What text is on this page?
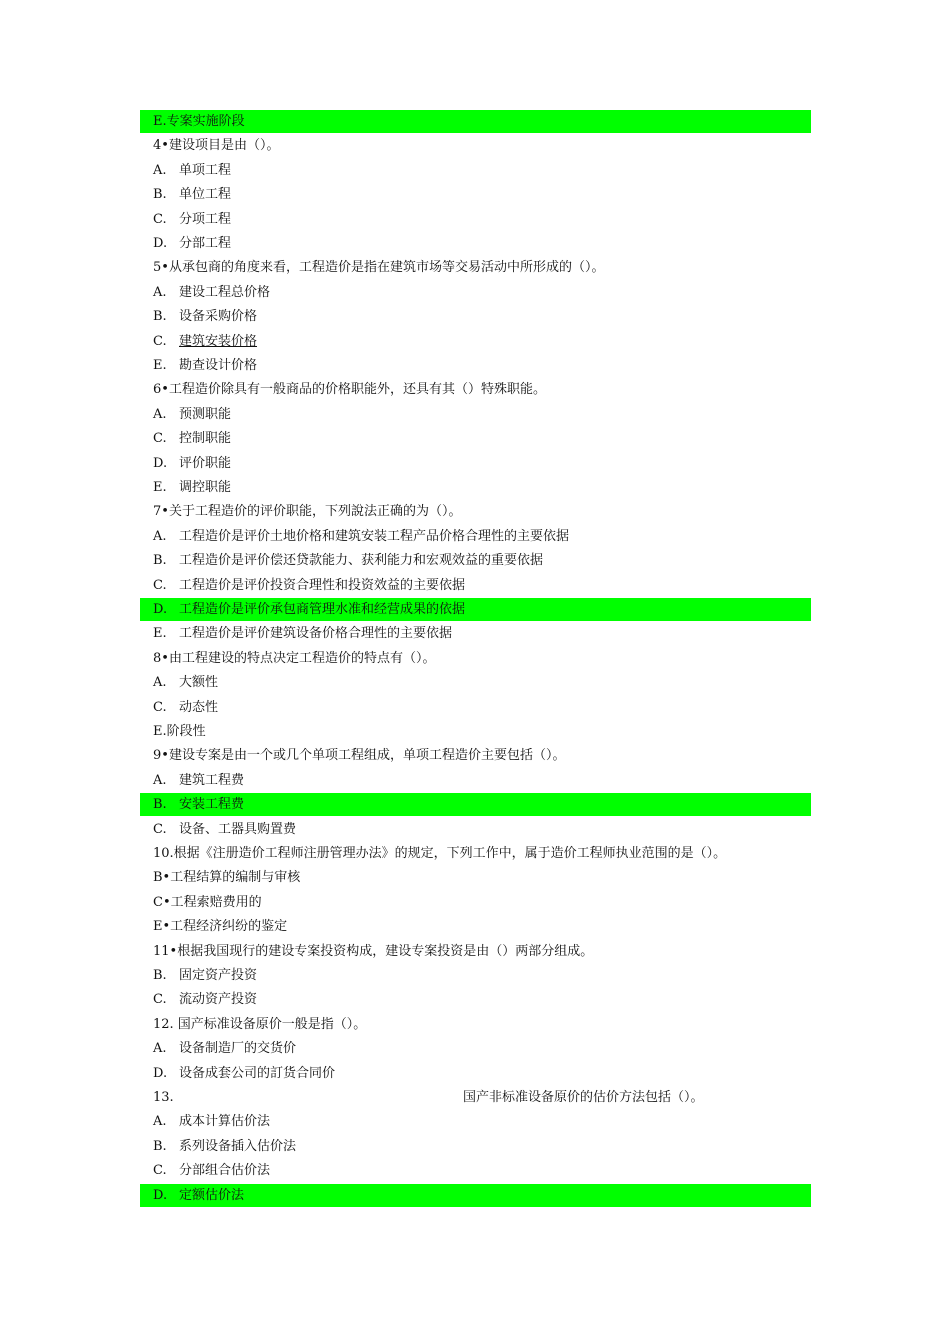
E.专案实施阶段
4•建设项目是由（）。
A. 单项工程
B. 单位工程
C. 分项工程
D. 分部工程
5•从承包商的角度来看，工程造价是指在建筑市场等交易活动中所形成的（）。
A. 建设工程总价格
B. 设备采购价格
C. 建筑安装价格
E. 勘查设计价格
6•工程造价除具有一般商品的价格职能外，还具有其（）特殊职能。
A. 预测职能
C. 控制职能
D. 评价职能
E. 调控职能
7•关于工程造价的评价职能，下列說法正确的为（）。
A. 工程造价是评价土地价格和建筑安装工程产品价格合理性的主要依据
B. 工程造价是评价偿还贷款能力、获利能力和宏观效益的重要依据
C. 工程造价是评价投资合理性和投资效益的主要依据
D. 工程造价是评价承包商管理水准和经营成果的依据
E. 工程造价是评价建筑设备价格合理性的主要依据
8•由工程建设的特点决定工程造价的特点有（）。
A. 大额性
C. 动态性
E.阶段性
9•建设专案是由一个或几个单项工程组成，单项工程造价主要包括（）。
A. 建筑工程费
B. 安装工程费
C. 设备、工器具购置费
10.根据《注册造价工程师注册管理办法》的规定，下列工作中，属于造价工程师执业范围的是（）。
B•工程结算的编制与审核
C•工程索赔费用的
E•工程经济纠纷的鉴定
11•根据我国现行的建设专案投资构成，建设专案投资是由（）两部分组成。
B. 固定资产投资
C. 流动资产投资
12. 国产标准设备原价一般是指（）。
A. 设备制造厂的交货价
D. 设备成套公司的訂货合同价
13.	国产非标准设备原价的估价方法包括（）。
A. 成本计算估价法
B. 系列设备插入估价法
C. 分部组合估价法
D. 定额估价法
